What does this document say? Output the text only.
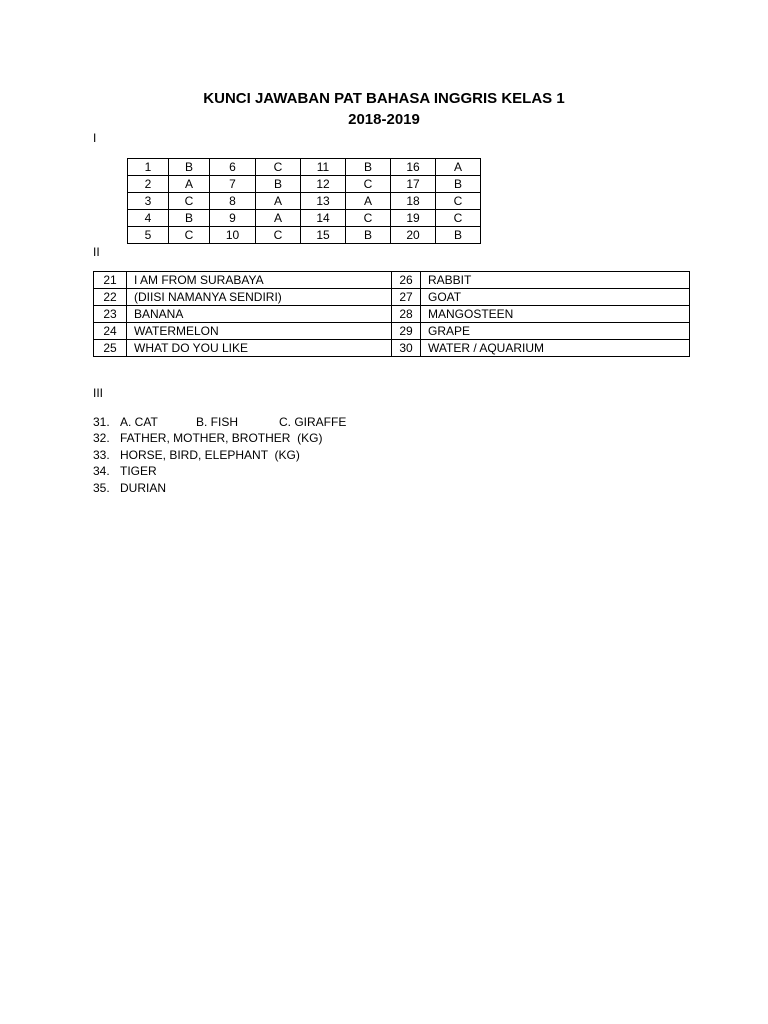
KUNCI JAWABAN PAT BAHASA INGGRIS KELAS 1
2018-2019
I
1	B	6	C	11	B	16	A
2	A	7	B	12	C	17	B
3	C	8	A	13	A	18	C
4	B	9	A	14	C	19	C
5	C	10	C	15	B	20	B
II
21	I AM FROM SURABAYA	26	RABBIT
22	(DIISI NAMANYA SENDIRI)	27	GOAT
23	BANANA	28	MANGOSTEEN
24	WATERMELON	29	GRAPE
25	WHAT DO YOU LIKE	30	WATER / AQUARIUM
III
31. A. CAT	B. FISH	C. GIRAFFE
32. FATHER, MOTHER, BROTHER  (KG)
33. HORSE, BIRD, ELEPHANT  (KG)
34. TIGER
35. DURIAN
